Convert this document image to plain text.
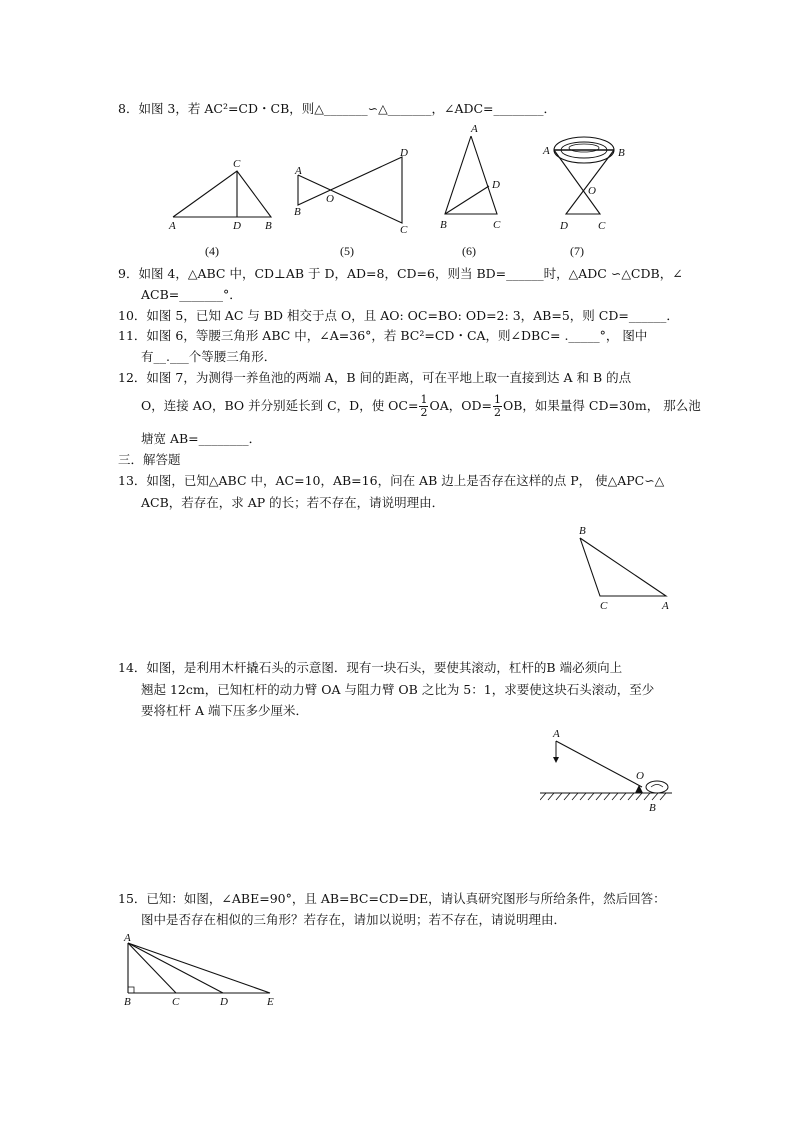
8．如图 3，若 AC²=CD・CB，则△_______∽△_______，∠ADC=________．
C
A	D B
(4)
A
B
O
D
C
(5)
A
D
B	C
(6)
A	B
O
D	C
(7)
9．如图 4，△ABC 中，CD⊥AB 于 D，AD=8，CD=6，则当 BD=______时，△ADC ∽△CDB，∠
ACB=_______°．
10．如图 5，已知 AC 与 BD 相交于点 O，且 AO: OC=BO: OD=2: 3，AB=5，则 CD=______．
11．如图 6，等腰三角形 ABC 中，∠A=36°，若 BC²=CD・CA，则∠DBC= ._____°， 图中
有__.___个等腰三角形．
12．如图 7，为测得一养鱼池的两端 A，B 间的距离，可在平地上取一直接到达 A 和 B 的点
O，连接 AO，BO 并分别延长到 C，D，使 $OC= \frac{1}{2}$ OA，$OD= \frac{1}{2}$ OB，如果量得 CD=30m， 那么池
塘宽 AB=________．
三．解答题
13．如图，已知△ABC 中，AC=10，AB=16，问在 AB 边上是否存在这样的点 P， 使△APC∽△
ACB，若存在，求 AP 的长；若不存在，请说明理由．
B
C	A
14．如图，是利用木杆撬石头的示意图．现有一块石头，要使其滚动，杠杆的B 端必须向上
翘起 12cm，已知杠杆的动力臂 OA 与阻力臂 OB 之比为 5：1，求要使这块石头滚动，至少
要将杠杆 A 端下压多少厘米．
A
O
B
15．已知：如图，∠ABE=90°，且 AB=BC=CD=DE，请认真研究图形与所给条件，然后回答：
图中是否存在相似的三角形？若存在，请加以说明；若不存在，请说明理由．
A
B	C	D	E
